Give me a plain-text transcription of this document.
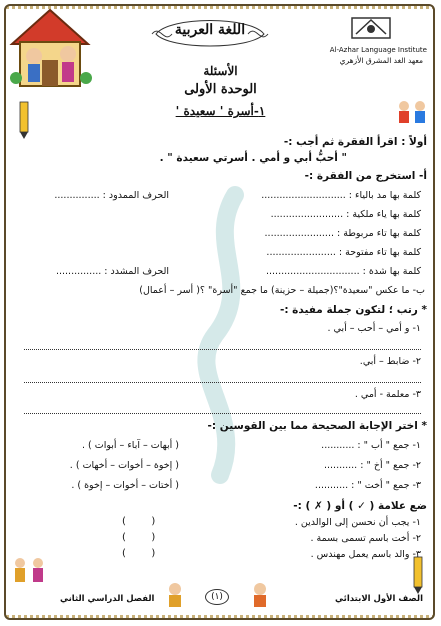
اللغة العربية
Al-Azhar Language Institute
معهد الغد المشرق الأزهري
الأسئلة
الوحدة الأولى
١-أسرة ' سعيدة '
أولاً : اقرأ الفقرة ثم أجب :-
" أحبُّ أبي و أمي . أسرتي سعيدة " .
أ- استخرج من الفقرة :-
كلمة بها مد بالياء : ............................
الحرف الممدود : ...............
كلمة بها ياء ملكية : ........................
كلمة بها تاء مربوطة : .......................
كلمة بها تاء مفتوحة : .......................
كلمة بها شدة : ...............................
الحرف المشدد : ...............
ب- ما عكس "سعيدة"؟(جميلة – حزينة) ما جمع "أسرة" ؟( أسر – أعمال)
* رتب ؛ لتكون جملة مفيدة :-
١- و أمي – أحب – أبي .
٢- ضابط – أبي.
٣- معلمة - أمي .
* اختر الإجابة الصحيحة مما بين القوسين :-
١- جمع " أب " : ...........
( أبهات – آباء – أبوات ) .
٢- جمع " أخ " : ...........
( إخوة – أخوات – أخهات ) .
٣- جمع " أخت " : ...........
( أختات – أخوات – إخوة ) .
ضع علامة ( ✓ ) أو ( ✗ ) :-
١- يجب أن نحسن إلى الوالدين .
(        )
٢- أخت باسم تسمى بسمة .
(        )
٣- والد باسم يعمل مهندس .
(        )
الصف الأول الابتدائي
(١)
الفصل الدراسي الثاني
